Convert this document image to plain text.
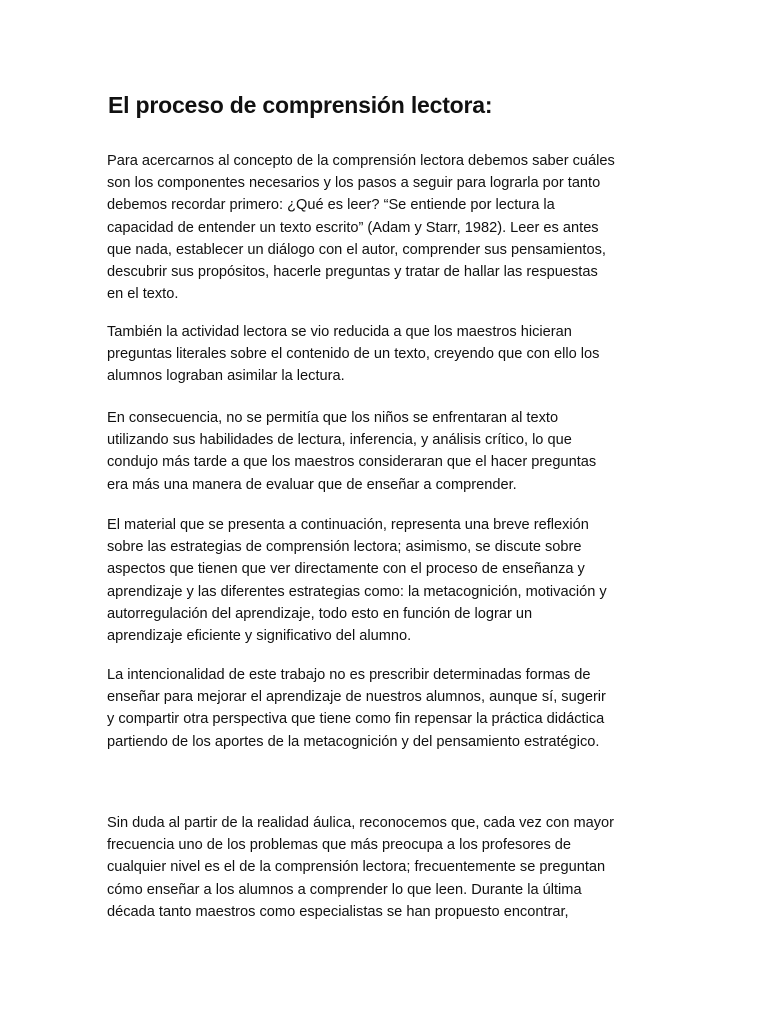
El proceso de comprensión lectora:

Para acercarnos al concepto de la comprensión lectora debemos saber cuáles
son los componentes necesarios y los pasos a seguir para lograrla por tanto
debemos recordar primero: ¿Qué es leer? “Se entiende por lectura la
capacidad de entender un texto escrito” (Adam y Starr, 1982). Leer es antes
que nada, establecer un diálogo con el autor, comprender sus pensamientos,
descubrir sus propósitos, hacerle preguntas y tratar de hallar las respuestas
en el texto.

También la actividad lectora se vio reducida a que los maestros hicieran
preguntas literales sobre el contenido de un texto, creyendo que con ello los
alumnos lograban asimilar la lectura.

En consecuencia, no se permitía que los niños se enfrentaran al texto
utilizando sus habilidades de lectura, inferencia, y análisis crítico, lo que
condujo más tarde a que los maestros consideraran que el hacer preguntas
era más una manera de evaluar que de enseñar a comprender.

El material que se presenta a continuación, representa una breve reflexión
sobre las estrategias de comprensión lectora; asimismo, se discute sobre
aspectos que tienen que ver directamente con el proceso de enseñanza y
aprendizaje y las diferentes estrategias como: la metacognición, motivación y
autorregulación del aprendizaje, todo esto en función de lograr un
aprendizaje eficiente y significativo del alumno.

La intencionalidad de este trabajo no es prescribir determinadas formas de
enseñar para mejorar el aprendizaje de nuestros alumnos, aunque sí, sugerir
y compartir otra perspectiva que tiene como fin repensar la práctica didáctica
partiendo de los aportes de la metacognición y del pensamiento estratégico.

Sin duda al partir de la realidad áulica, reconocemos que, cada vez con mayor
frecuencia uno de los problemas que más preocupa a los profesores de
cualquier nivel es el de la comprensión lectora; frecuentemente se preguntan
cómo enseñar a los alumnos a comprender lo que leen. Durante la última
década tanto maestros como especialistas se han propuesto encontrar,
